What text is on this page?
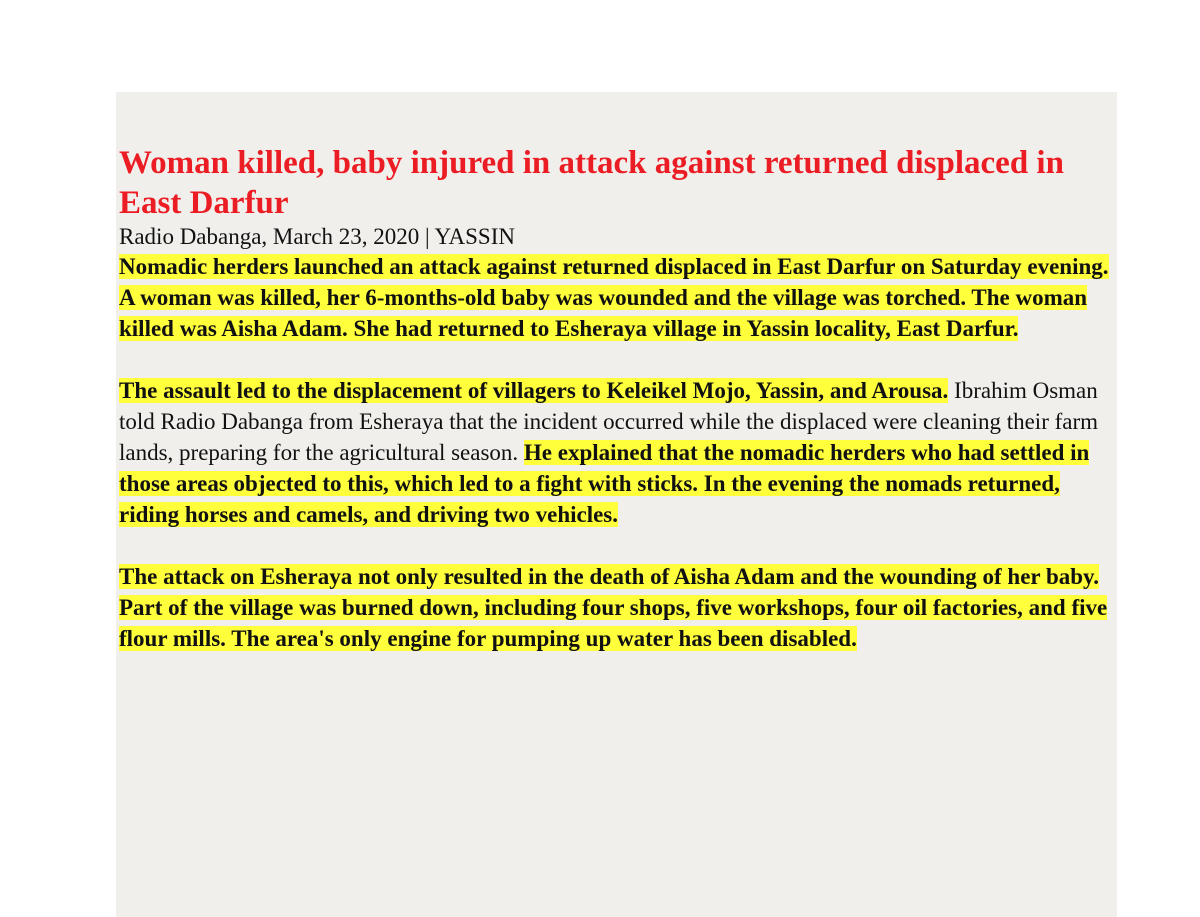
Woman killed, baby injured in attack against returned displaced in East Darfur

Radio Dabanga, March 23, 2020 | YASSIN

Nomadic herders launched an attack against returned displaced in East Darfur on Saturday evening. A woman was killed, her 6-months-old baby was wounded and the village was torched. The woman killed was Aisha Adam. She had returned to Esheraya village in Yassin locality, East Darfur.

The assault led to the displacement of villagers to Keleikel Mojo, Yassin, and Arousa. Ibrahim Osman told Radio Dabanga from Esheraya that the incident occurred while the displaced were cleaning their farm lands, preparing for the agricultural season. He explained that the nomadic herders who had settled in those areas objected to this, which led to a fight with sticks. In the evening the nomads returned, riding horses and camels, and driving two vehicles.

The attack on Esheraya not only resulted in the death of Aisha Adam and the wounding of her baby. Part of the village was burned down, including four shops, five workshops, four oil factories, and five flour mills. The area's only engine for pumping up water has been disabled.
